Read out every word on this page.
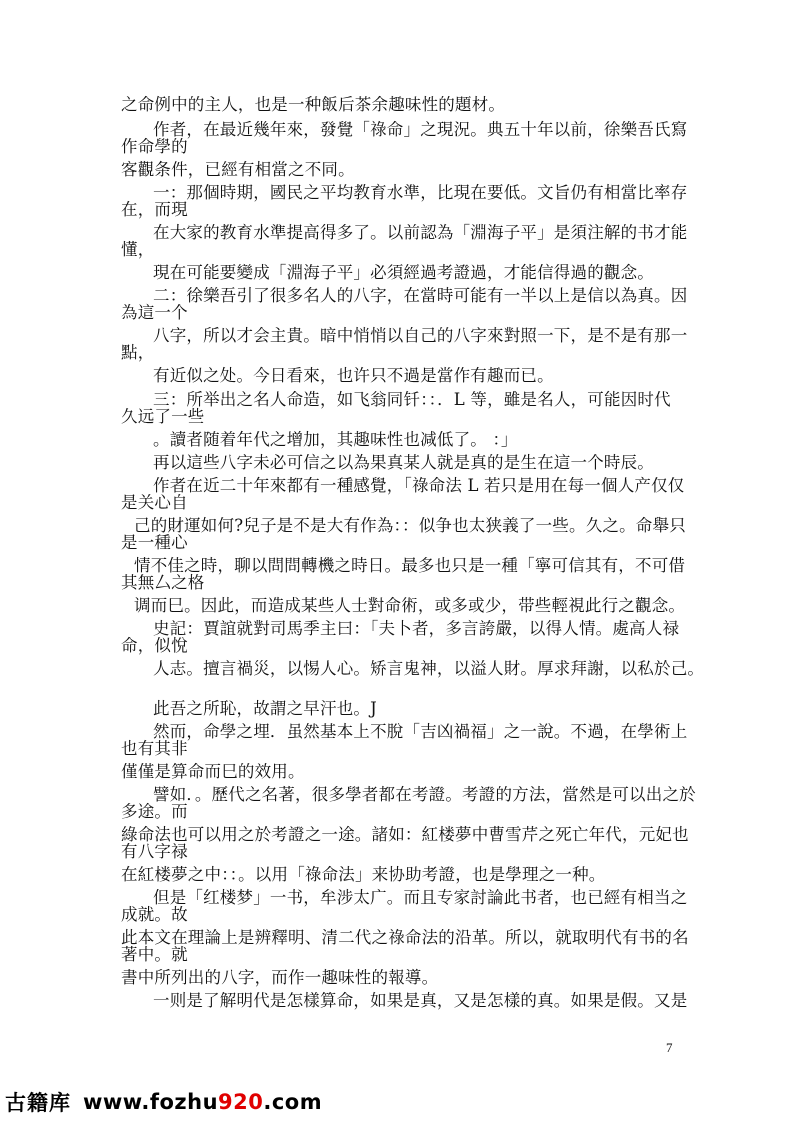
之命例中的主人，也是一种飯后茶余趣味性的題材。
作者，在最近幾年來，發覺「祿命」之現況。典五十年以前，徐樂吾氏寫
作命學的
客觀条件，已經有相當之不同。
一：那個時期，國民之平均教育水準，比現在要低。文旨仍有相當比率存
在，而現
在大家的教育水準提高得多了。以前認為「淵海子平」是須注解的书才能
懂，
現在可能要變成「淵海子平」必須經過考證過，才能信得過的觀念。
二：徐樂吾引了很多名人的八字，在當時可能有一半以上是信以為真。因
為這一个
八字，所以才会主貴。暗中悄悄以自己的八字來對照一下，是不是有那一
點，
有近似之处。今日看來，也许只不過是當作有趣而已。
三：所举出之名人命造，如飞翁同钎：：．L 等，雖是名人，可能因时代
久远了一些
。讀者随着年代之增加，其趣味性也减低了。 ：」
再以這些八字未必可信之以為果真某人就是真的是生在這一个時辰。
作者在近二十年來都有一種感覺，「祿命法 L 若只是用在每一個人产仅仅
是关心自
己的財運如何?兒子是不是大有作為：：似争也太狭義了一些。久之。命舉只
是一種心
情不佳之時，聊以問問轉機之時日。最多也只是一種「寧可信其有，不可借
其無厶之格
调而巳。因此，而造成某些人士對命術，或多或少，带些輕視此行之觀念。
史記：賈誼就對司馬季主曰：「夫卜者，多言誇嚴，以得人情。處高人禄
命，似悅
人志。擅言禍災，以惕人心。矫言鬼神，以溢人財。厚求拜謝，以私於己。
此吾之所恥，故謂之早汗也。J
然而，命學之埋．虽然基本上不脫「吉凶禍福」之一說。不過，在學術上
也有其非
僅僅是算命而巳的效用。
譬如．。歷代之名著，很多學者都在考證。考證的方法，當然是可以出之於
多途。而
綠命法也可以用之於考證之一途。諸如：紅楼夢中曹雪芹之死亡年代，元妃也
有八字禄
在紅楼夢之中：：。以用「祿命法」来协助考證，也是學理之一种。
但是「红楼梦」一书，牟涉太广。而且专家討論此书者，也已經有相当之
成就。故
此本文在理論上是辨釋明、清二代之祿命法的沿革。所以，就取明代有书的名
著中。就
書中所列出的八字，而作一趣味性的報導。
一则是了解明代是怎樣算命，如果是真，又是怎樣的真。如果是假。又是
7
古籍库 www.fozhu920.com
